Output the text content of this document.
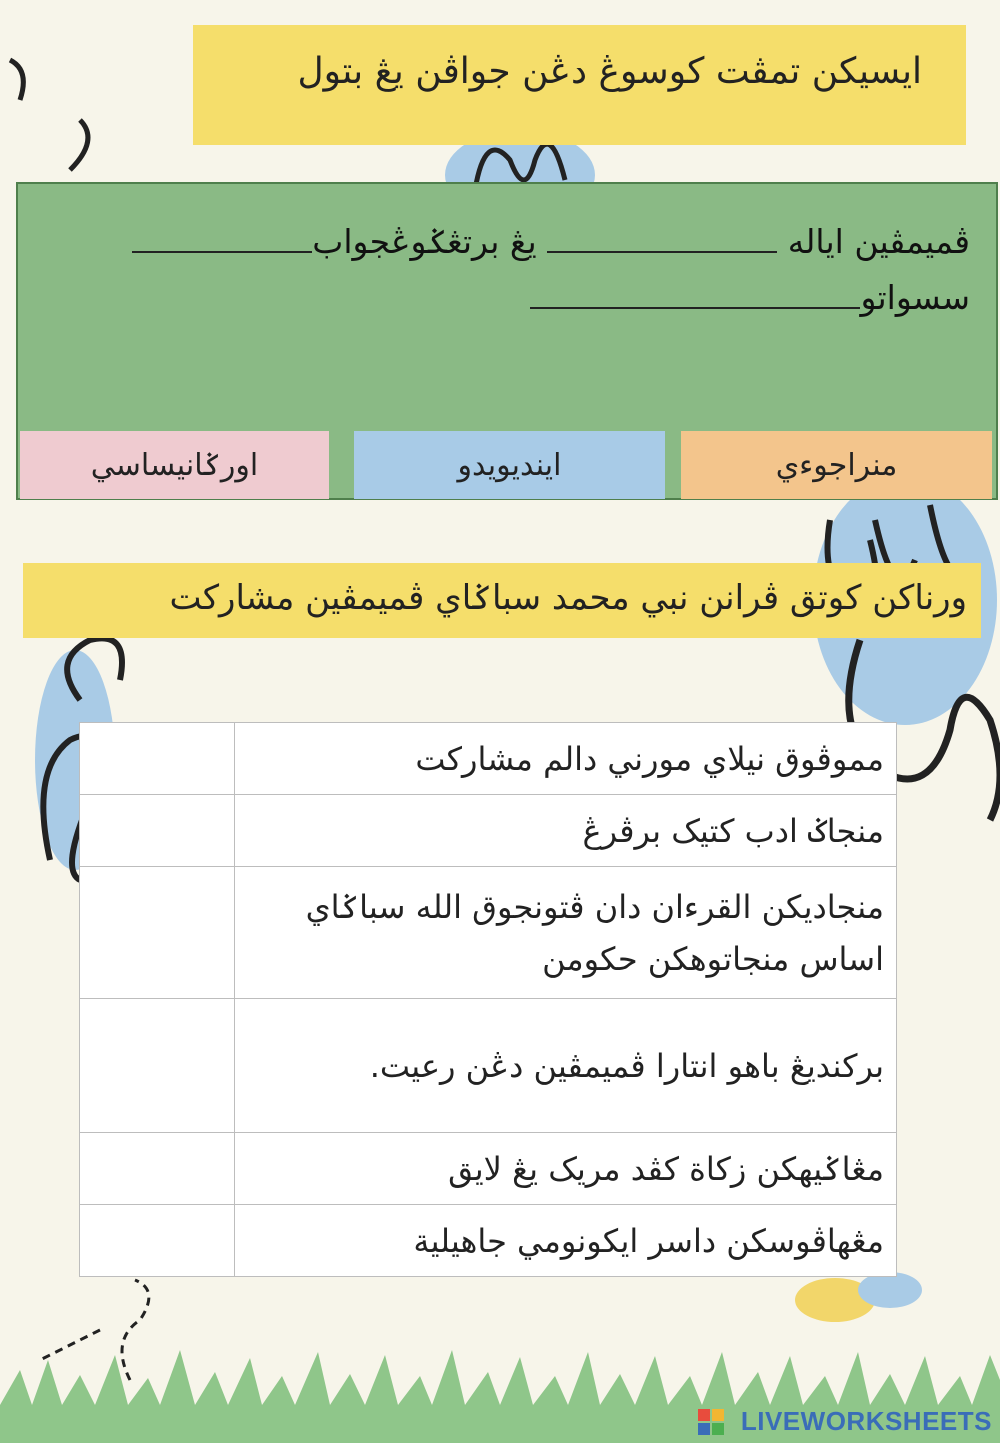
ايسيكن تمڤت كوسوڠ دڠن جواڤن يڠ بتول
ڤميمڤين اياله  يڠ برتڠݢوڠجواب
سسواتو
منراجوءي
ايندیويدو
اورݢانيساسي
ورناكن كوتق ڤرانن نبي محمد سباݢاي ڤميمڤين مشاركت
مموڤوق نيلاي مورني دالم مشاركت	
منجاݢ ادب كتيک برڤرڠ	
منجاديكن القرءان دان ڤتونجوق الله سباݢاي اساس منجاتوهكن حكومن	
بركنديڠ باهو انتارا ڤميمڤين دڠن رعيت.	
مڠاݢيهكن زكاة كڤد مريک يڠ لايق	
مڠهاڤوسكن داسر ايكونومي جاهيلية	
LIVEWORKSHEETS
